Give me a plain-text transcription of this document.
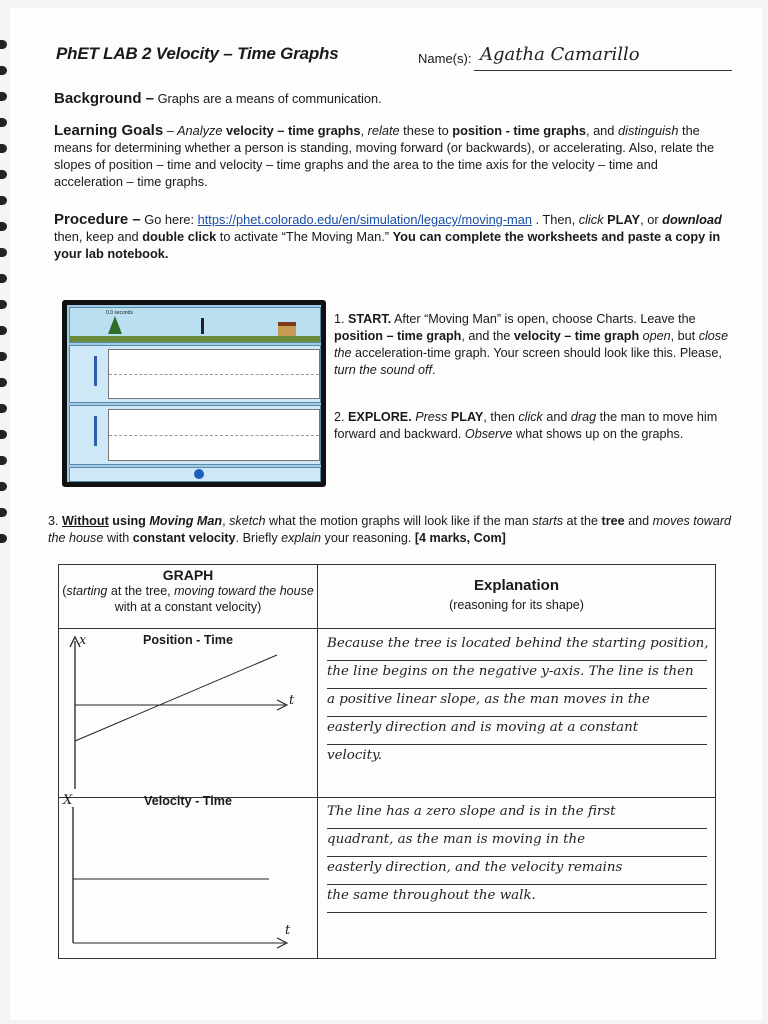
PhET LAB 2 Velocity – Time Graphs	Name(s): Agatha Camarillo
Background – Graphs are a means of communication.
Learning Goals – Analyze velocity – time graphs, relate these to position - time graphs, and distinguish the means for determining whether a person is standing, moving forward (or backwards), or accelerating. Also, relate the slopes of position – time and velocity – time graphs and the area to the time axis for the velocity – time and acceleration – time graphs.
Procedure – Go here: https://phet.colorado.edu/en/simulation/legacy/moving-man . Then, click PLAY, or download then, keep and double click to activate “The Moving Man.” You can complete the worksheets and paste a copy in your lab notebook.
0.0 seconds	1. START. After “Moving Man” is open, choose Charts. Leave the position – time graph, and the velocity – time graph open, but close the acceleration-time graph. Your screen should look like this. Please, turn the sound off.
2. EXPLORE. Press PLAY, then click and drag the man to move him forward and backward. Observe what shows up on the graphs.
3. Without using Moving Man, sketch what the motion graphs will look like if the man starts at the tree and moves toward the house with constant velocity. Briefly explain your reasoning. [4 marks, Com]
GRAPH
(starting at the tree, moving toward the house with at a constant velocity)
Explanation
(reasoning for its shape)
Position - Time
x
t
Because the tree is located behind the starting position,
the line begins on the negative y-axis. The line is then
a positive linear slope, as the man moves in the
easterly direction and is moving at a constant
velocity.
Velocity - Time
X
t
The line has a zero slope and is in the first
quadrant, as the man is moving in the
easterly direction, and the velocity remains
the same throughout the walk.
